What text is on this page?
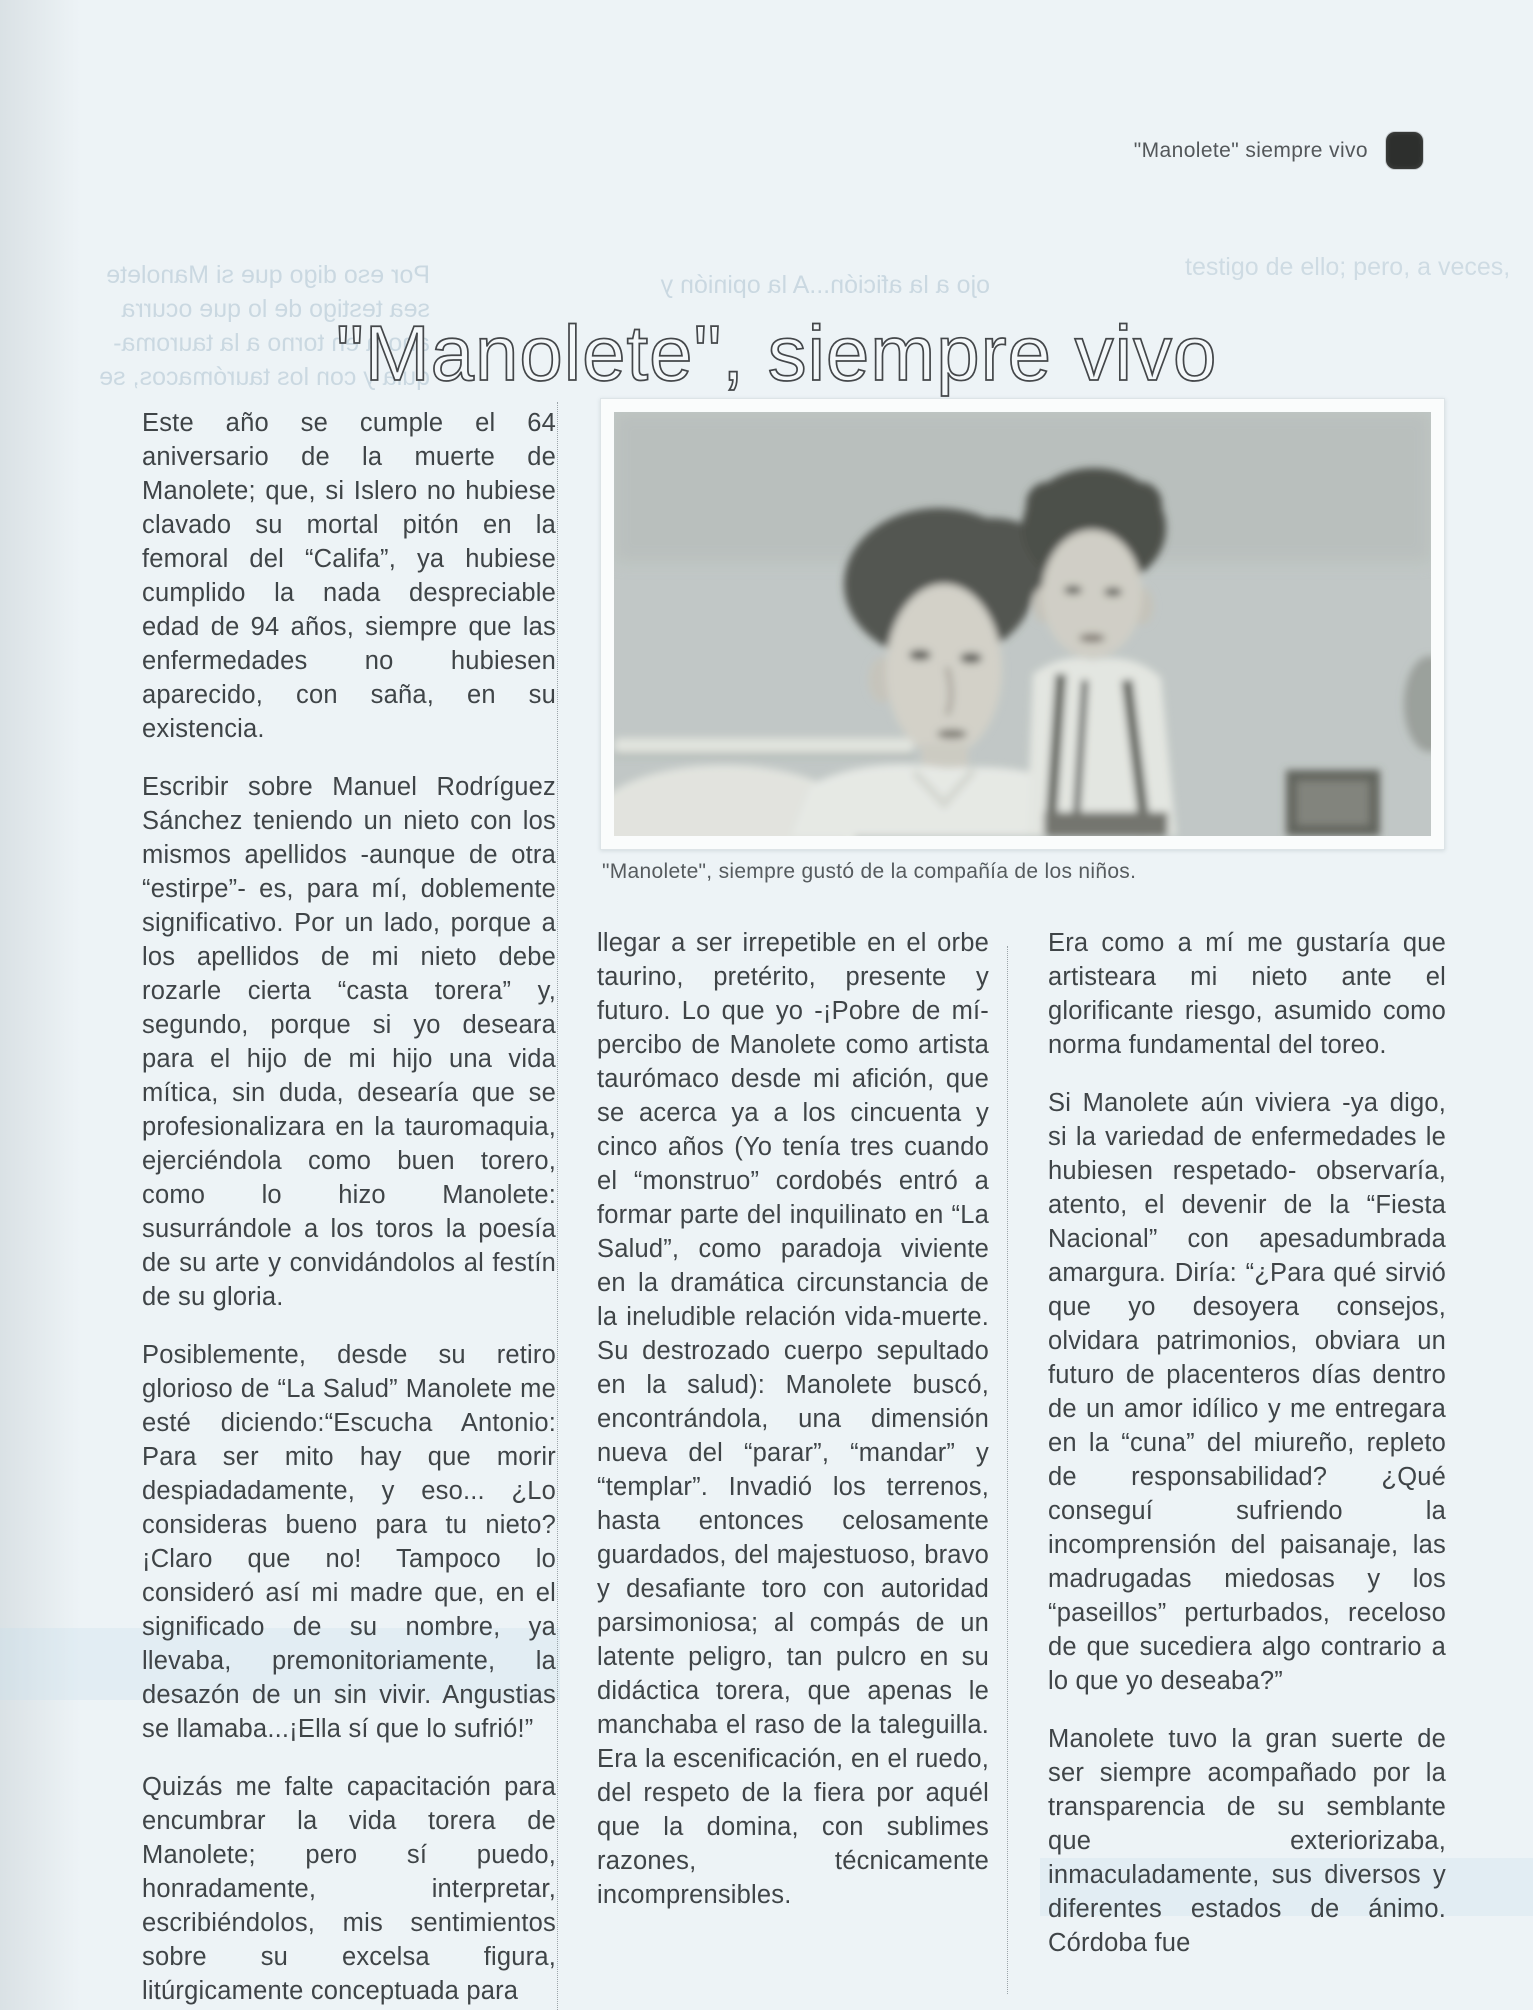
Por eso digo que si Manolete
sea testigo de lo que ocurra
ahora en torno a la tauroma-
quia y con los taurómacos, se
ojo a la afición...A la opinión y
testigo de ello; pero, a veces,
"Manolete" siempre vivo
"Manolete", siempre vivo
"Manolete", siempre gustó de la compañía de los niños.

Este año se cumple el 64 aniversario de la muerte de Manolete; que, si Islero no hubiese clavado su mortal pitón en la femoral del “Califa”, ya hubiese cumplido la nada despreciable edad de 94 años, siempre que las enfermedades no hubiesen aparecido, con saña, en su existencia.

Escribir sobre Manuel Rodríguez Sánchez teniendo un nieto con los mismos apellidos -aunque de otra “estirpe”- es, para mí, doblemente significativo. Por un lado, porque a los apellidos de mi nieto debe rozarle cierta “casta torera” y, segundo, porque si yo deseara para el hijo de mi hijo una vida mítica, sin duda, desearía que se profesionalizara en la tauromaquia, ejerciéndola como buen torero, como lo hizo Manolete: susurrándole a los toros la poesía de su arte y convidándolos al festín de su gloria.

Posiblemente, desde su retiro glorioso de “La Salud” Manolete me esté diciendo:“Escucha Antonio: Para ser mito hay que morir despiadadamente, y eso... ¿Lo consideras bueno para tu nieto? ¡Claro que no! Tampoco lo consideró así mi madre que, en el significado de su nombre, ya llevaba, premonitoriamente, la desazón de un sin vivir. Angustias se llamaba...¡Ella sí que lo sufrió!”

Quizás me falte capacitación para encumbrar la vida torera de Manolete; pero sí puedo, honradamente, interpretar, escribiéndolos, mis sentimientos sobre su excelsa figura, litúrgicamente conceptuada para

llegar a ser irrepetible en el orbe taurino, pretérito, presente y futuro. Lo que yo -¡Pobre de mí- percibo de Manolete como artista taurómaco desde mi afición, que se acerca ya a los cincuenta y cinco años (Yo tenía tres cuando el “monstruo” cordobés entró a formar parte del inquilinato en “La Salud”, como paradoja viviente en la dramática circunstancia de la ineludible relación vida-muerte. Su destrozado cuerpo sepultado en la salud): Manolete buscó, encontrándola, una dimensión nueva del “parar”, “mandar” y “templar”. Invadió los terrenos, hasta entonces celosamente guardados, del majestuoso, bravo y desafiante toro con autoridad parsimoniosa; al compás de un latente peligro, tan pulcro en su didáctica torera, que apenas le manchaba el raso de la taleguilla. Era la escenificación, en el ruedo, del respeto de la fiera por aquél que la domina, con sublimes razones, técnicamente incomprensibles.

Era como a mí me gustaría que artisteara mi nieto ante el glorificante riesgo, asumido como norma fundamental del toreo.

Si Manolete aún viviera -ya digo, si la variedad de enfermedades le hubiesen respetado- observaría, atento, el devenir de la “Fiesta Nacional” con apesadumbrada amargura. Diría: “¿Para qué sirvió que yo desoyera consejos, olvidara patrimonios, obviara un futuro de placenteros días dentro de un amor idílico y me entregara en la “cuna” del miureño, repleto de responsabilidad? ¿Qué conseguí sufriendo la incomprensión del paisanaje, las madrugadas miedosas y los “paseillos” perturbados, receloso de que sucediera algo contrario a lo que yo deseaba?”

Manolete tuvo la gran suerte de ser siempre acompañado por la transparencia de su semblante que exteriorizaba, inmaculadamente, sus diversos y diferentes estados de ánimo. Córdoba fue
